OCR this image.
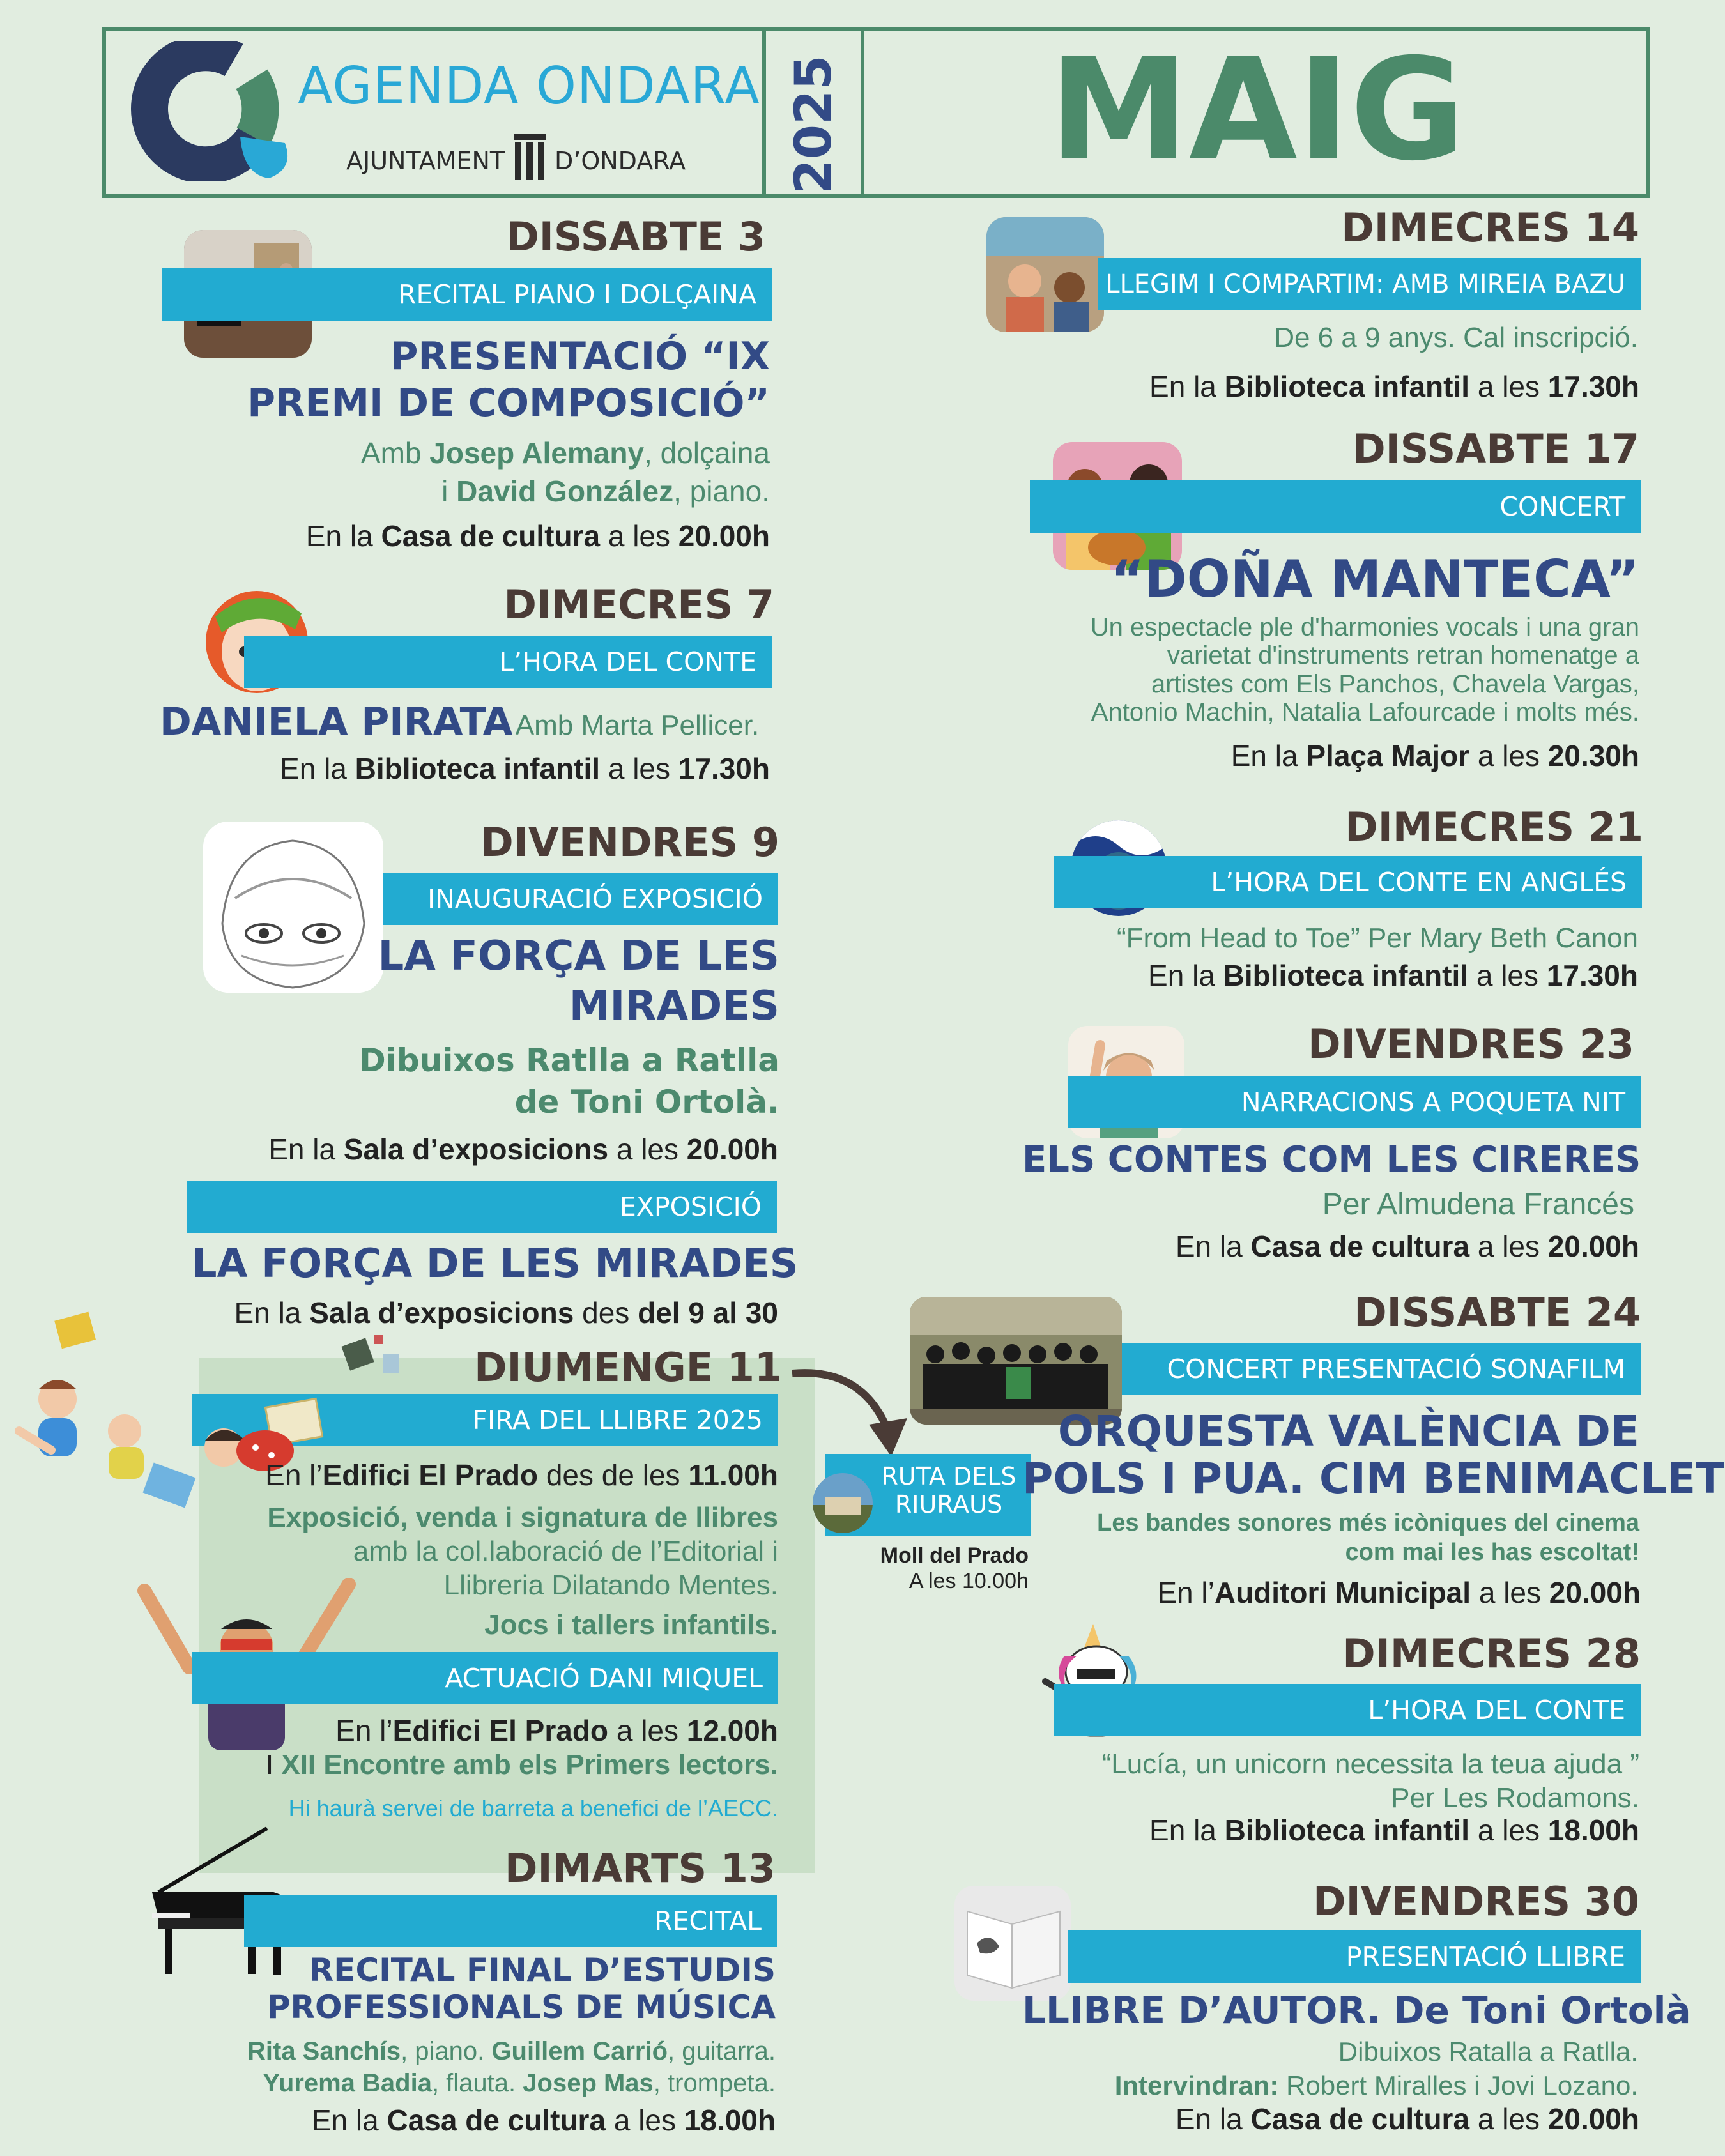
AGENDA ONDARA
AJUNTAMENT D’ONDARA 2025	MAIG
DISSABTE 3
RECITAL PIANO I DOLÇAINA
PRESENTACIÓ “IX
PREMI DE COMPOSICIÓ”
Amb Josep Alemany, dolçaina
i David González, piano.
En la Casa de cultura a les 20.00h
DIMECRES 7
L’HORA DEL CONTE
DANIELA PIRATA Amb Marta Pellicer.
En la Biblioteca infantil a les 17.30h
DIVENDRES 9
INAUGURACIÓ EXPOSICIÓ
LA FORÇA DE LES
MIRADES
Dibuixos Ratlla a Ratlla
de Toni Ortolà.
En la Sala d’exposicions a les 20.00h
EXPOSICIÓ
LA FORÇA DE LES MIRADES
En la Sala d’exposicions des del 9 al 30
DIUMENGE 11
FIRA DEL LLIBRE 2025
En l’Edifici El Prado des de les 11.00h
Exposició, venda i signatura de llibres
amb la col.laboració de l’Editorial i
Llibreria Dilatando Mentes.
Jocs i tallers infantils.
ACTUACIÓ DANI MIQUEL
En l’Edifici El Prado a les 12.00h
I XII Encontre amb els Primers lectors.
Hi haurà servei de barreta a benefici de l’AECC.
RUTA DELS
RIURAUS
Moll del Prado
A les 10.00h
DIMARTS 13
RECITAL
RECITAL FINAL D’ESTUDIS
PROFESSIONALS DE MÚSICA
Rita Sanchís, piano. Guillem Carrió, guitarra.
Yurema Badia, flauta. Josep Mas, trompeta.
En la Casa de cultura a les 18.00h
DIMECRES 14
LLEGIM I COMPARTIM: AMB MIREIA BAZU
De 6 a 9 anys. Cal inscripció.
En la Biblioteca infantil a les 17.30h
DISSABTE 17
CONCERT
“DOÑA MANTECA”
Un espectacle ple d'harmonies vocals i una gran
varietat d'instruments retran homenatge a
artistes com Els Panchos, Chavela Vargas,
Antonio Machin, Natalia Lafourcade i molts més.
En la Plaça Major a les 20.30h
DIMECRES 21
L’HORA DEL CONTE EN ANGLÉS
“From Head to Toe” Per Mary Beth Canon
En la Biblioteca infantil a les 17.30h
DIVENDRES 23
NARRACIONS A POQUETA NIT
ELS CONTES COM LES CIRERES
Per Almudena Francés
En la Casa de cultura a les 20.00h
DISSABTE 24
CONCERT PRESENTACIÓ SONAFILM
ORQUESTA VALÈNCIA DE
POLS I PUA. CIM BENIMACLET
Les bandes sonores més icòniques del cinema
com mai les has escoltat!
En l’Auditori Municipal a les 20.00h
DIMECRES 28
L’HORA DEL CONTE
“Lucía, un unicorn necessita la teua ajuda ”
Per Les Rodamons.
En la Biblioteca infantil a les 18.00h
DIVENDRES 30
PRESENTACIÓ LLIBRE
LLIBRE D’AUTOR. De Toni Ortolà
Dibuixos Ratalla a Ratlla.
Intervindran: Robert Miralles i Jovi Lozano.
En la Casa de cultura a les 20.00h
